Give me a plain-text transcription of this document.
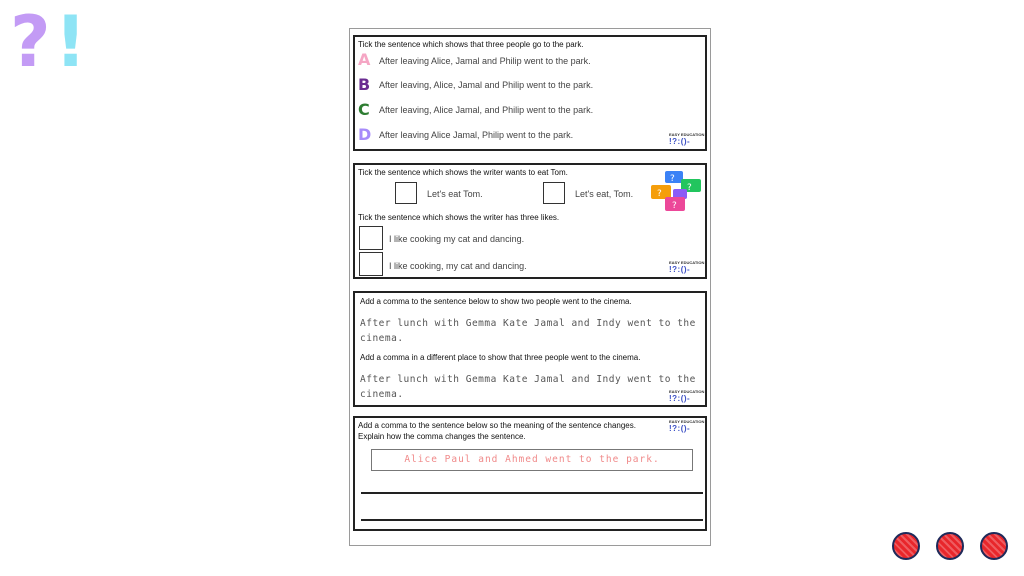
?!	Tick the sentence which shows that three people go to the park.
A After leaving Alice, Jamal and Philip went to the park.
B After leaving, Alice, Jamal and Philip went to the park.
C After leaving, Alice Jamal, and Philip went to the park.
D After leaving Alice Jamal, Philip went to the park.	EASY EDUCATION
!?:()-
Tick the sentence which shows the writer wants to eat Tom.
Let's eat Tom.	Let's eat, Tom.
?
?
?
?
Tick the sentence which shows the writer has three likes.
I like cooking my cat and dancing.
I like cooking, my cat and dancing.	EASY EDUCATION
!?:()-
Add a comma to the sentence below to show two people went to the cinema.
After lunch with Gemma Kate Jamal and Indy went to the cinema.
Add a comma in a different place to show that three people went to the cinema.
After lunch with Gemma Kate Jamal and Indy went to the cinema.	EASY EDUCATION
!?:()-
Add a comma to the sentence below so the meaning of the sentence changes.
Explain how the comma changes the sentence.
EASY EDUCATION
!?:()-
Alice Paul and Ahmed went to the park.
